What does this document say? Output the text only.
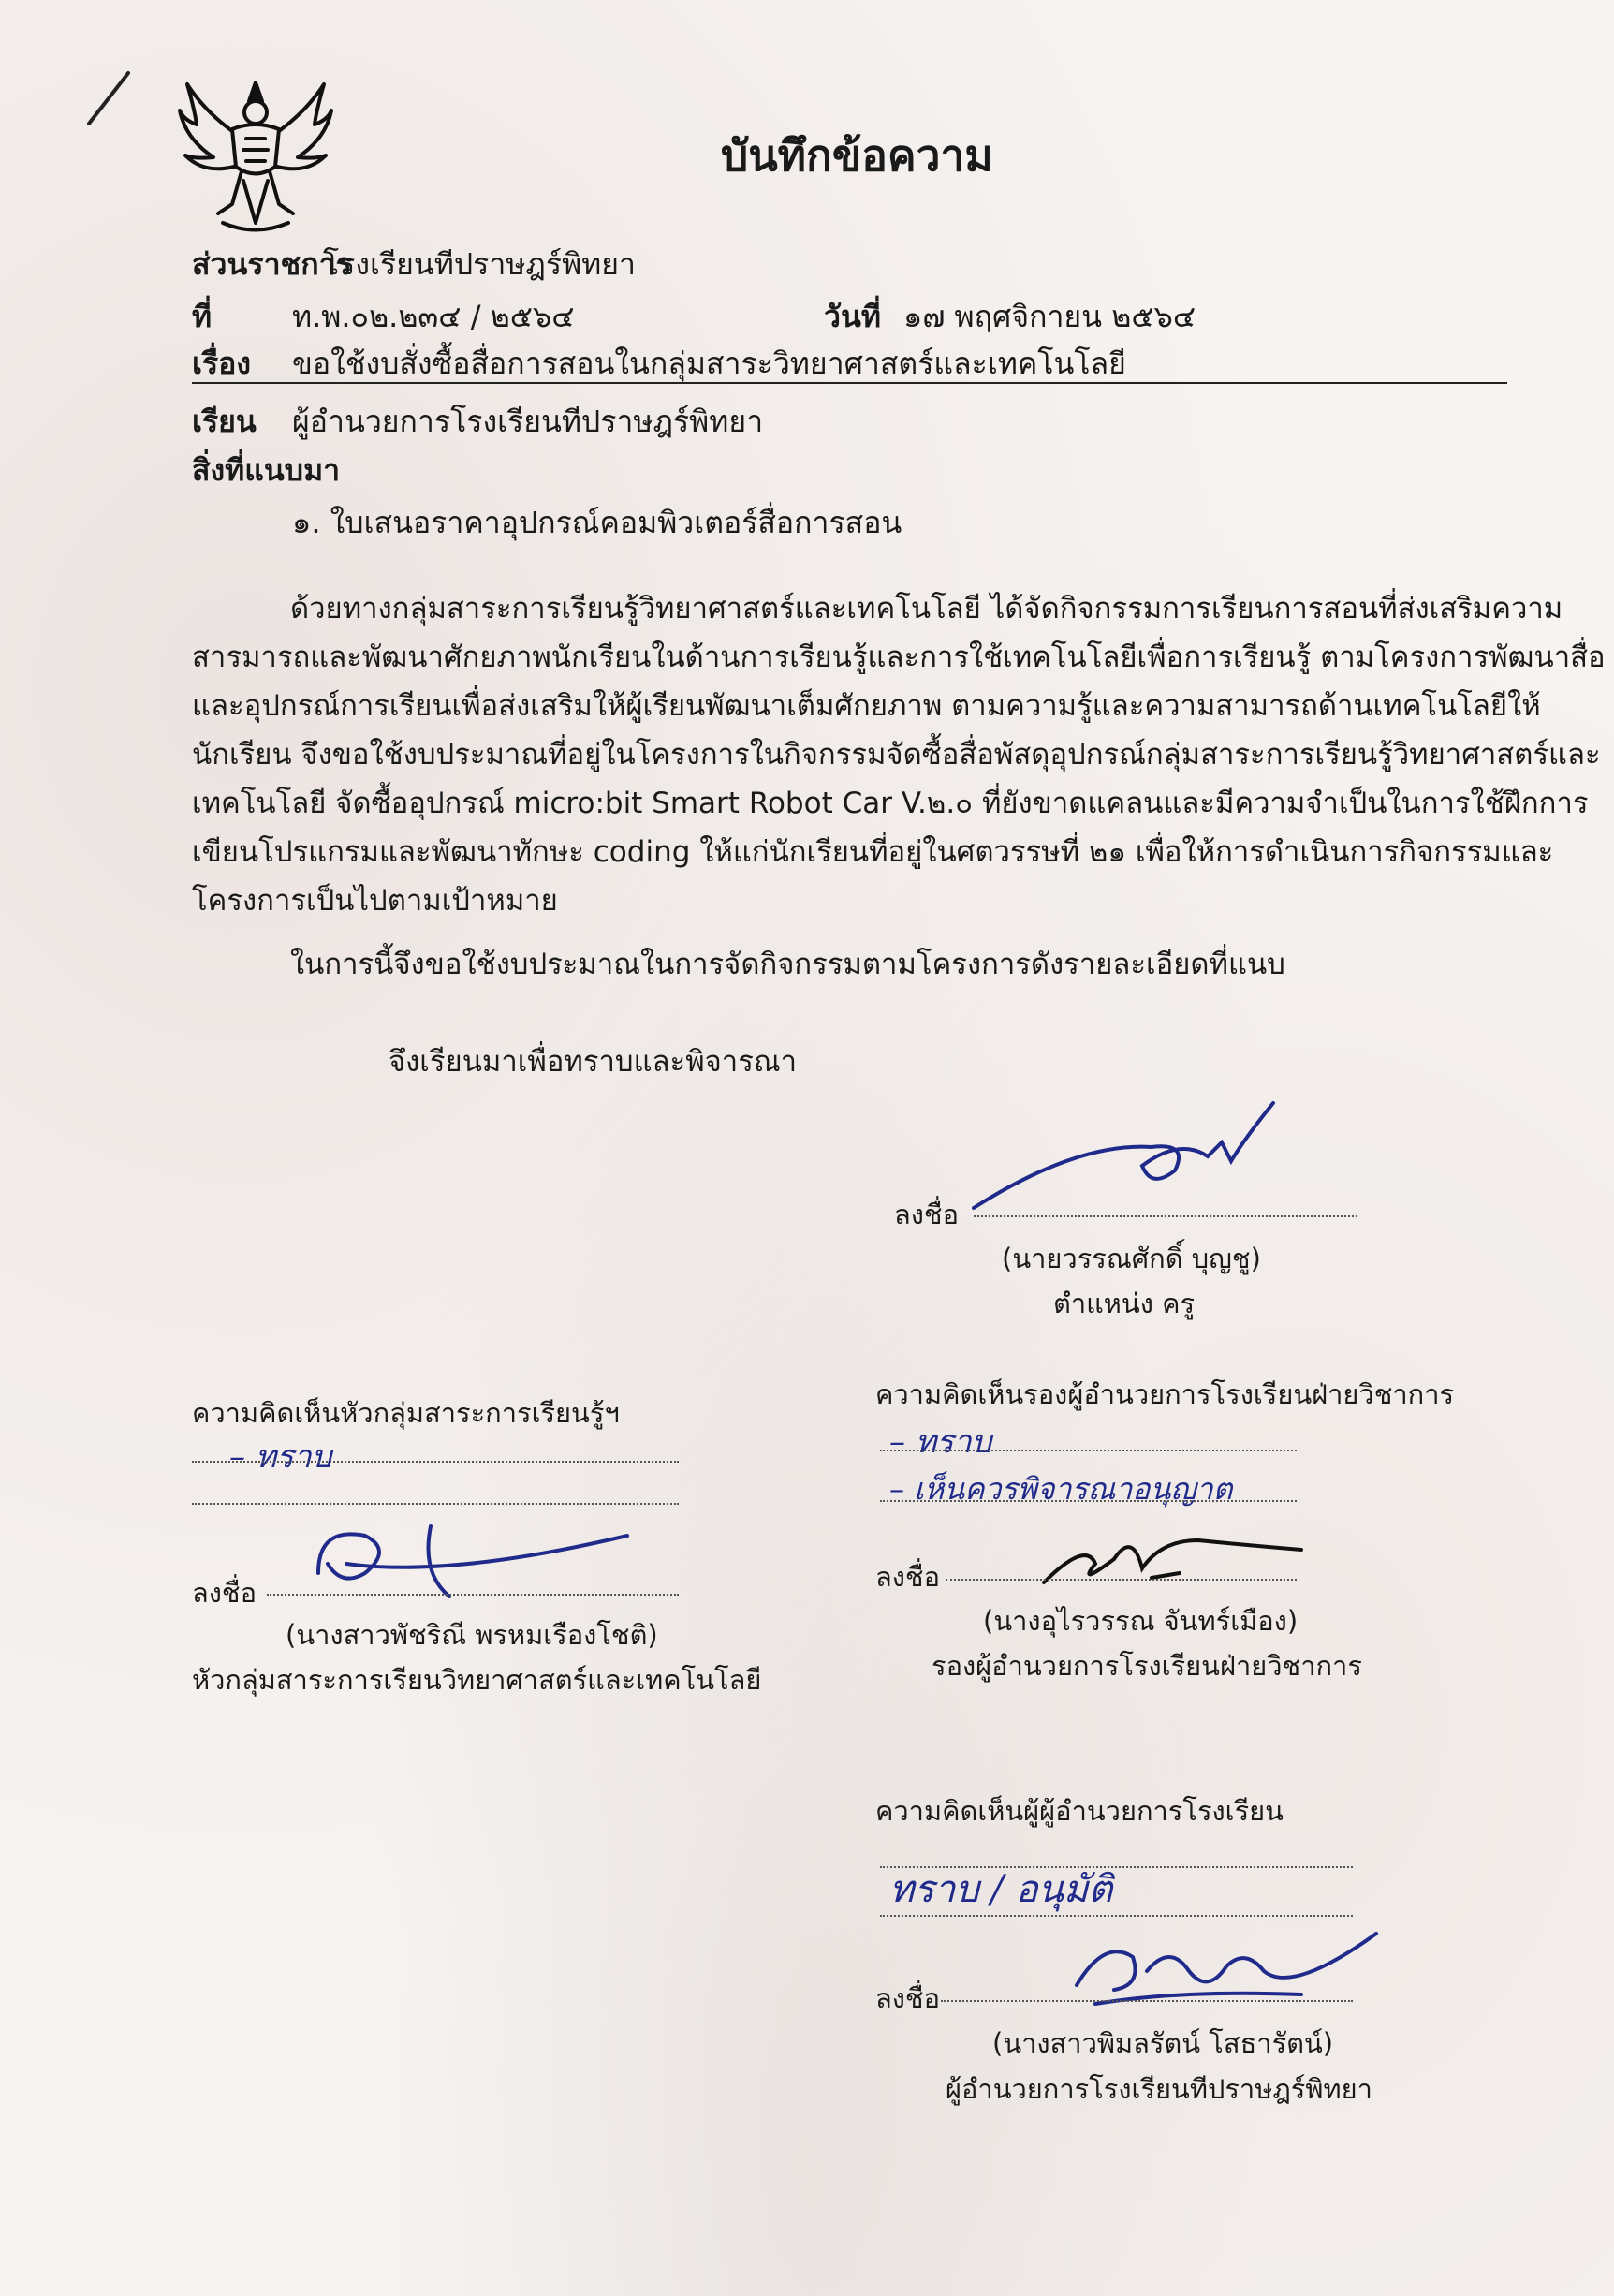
บันทึกข้อความ
ส่วนราชการ
โรงเรียนทีปราษฎร์พิทยา
ที่	ท.พ.๐๒.๒๓๔ / ๒๕๖๔	วันที่ ๑๗ พฤศจิกายน ๒๕๖๔
เรื่อง ขอใช้งบสั่งซื้อสื่อการสอนในกลุ่มสาระวิทยาศาสตร์และเทคโนโลยี
เรียน ผู้อำนวยการโรงเรียนทีปราษฎร์พิทยา
สิ่งที่แนบมา
๑. ใบเสนอราคาอุปกรณ์คอมพิวเตอร์สื่อการสอน
ด้วยทางกลุ่มสาระการเรียนรู้วิทยาศาสตร์และเทคโนโลยี ได้จัดกิจกรรมการเรียนการสอนที่ส่งเสริมความ
สารมารถและพัฒนาศักยภาพนักเรียนในด้านการเรียนรู้และการใช้เทคโนโลยีเพื่อการเรียนรู้ ตามโครงการพัฒนาสื่อ
และอุปกรณ์การเรียนเพื่อส่งเสริมให้ผู้เรียนพัฒนาเต็มศักยภาพ ตามความรู้และความสามารถด้านเทคโนโลยีให้
นักเรียน จึงขอใช้งบประมาณที่อยู่ในโครงการในกิจกรรมจัดซื้อสื่อพัสดุอุปกรณ์กลุ่มสาระการเรียนรู้วิทยาศาสตร์และ
เทคโนโลยี จัดซื้ออุปกรณ์ micro:bit Smart Robot Car V.๒.๐ ที่ยังขาดแคลนและมีความจำเป็นในการใช้ฝึกการ
เขียนโปรแกรมและพัฒนาทักษะ coding ให้แก่นักเรียนที่อยู่ในศตวรรษที่ ๒๑ เพื่อให้การดำเนินการกิจกรรมและ
โครงการเป็นไปตามเป้าหมาย
ในการนี้จึงขอใช้งบประมาณในการจัดกิจกรรมตามโครงการดังรายละเอียดที่แนบ
จึงเรียนมาเพื่อทราบและพิจารณา
ลงชื่อ
(นายวรรณศักดิ์ บุญชู)
ตำแหน่ง ครู
ความคิดเห็นหัวกลุ่มสาระการเรียนรู้ฯ
– ทราบ
ลงชื่อ
(นางสาวพัชริณี พรหมเรืองโชติ)
หัวกลุ่มสาระการเรียนวิทยาศาสตร์และเทคโนโลยี
ความคิดเห็นรองผู้อำนวยการโรงเรียนฝ่ายวิชาการ
– ทราบ
– เห็นควรพิจารณาอนุญาต
ลงชื่อ
(นางอุไรวรรณ จันทร์เมือง)
รองผู้อำนวยการโรงเรียนฝ่ายวิชาการ
ความคิดเห็นผู้ผู้อำนวยการโรงเรียน
ทราบ / อนุมัติ
ลงชื่อ
(นางสาวพิมลรัตน์ โสธารัตน์)
ผู้อำนวยการโรงเรียนทีปราษฎร์พิทยา
